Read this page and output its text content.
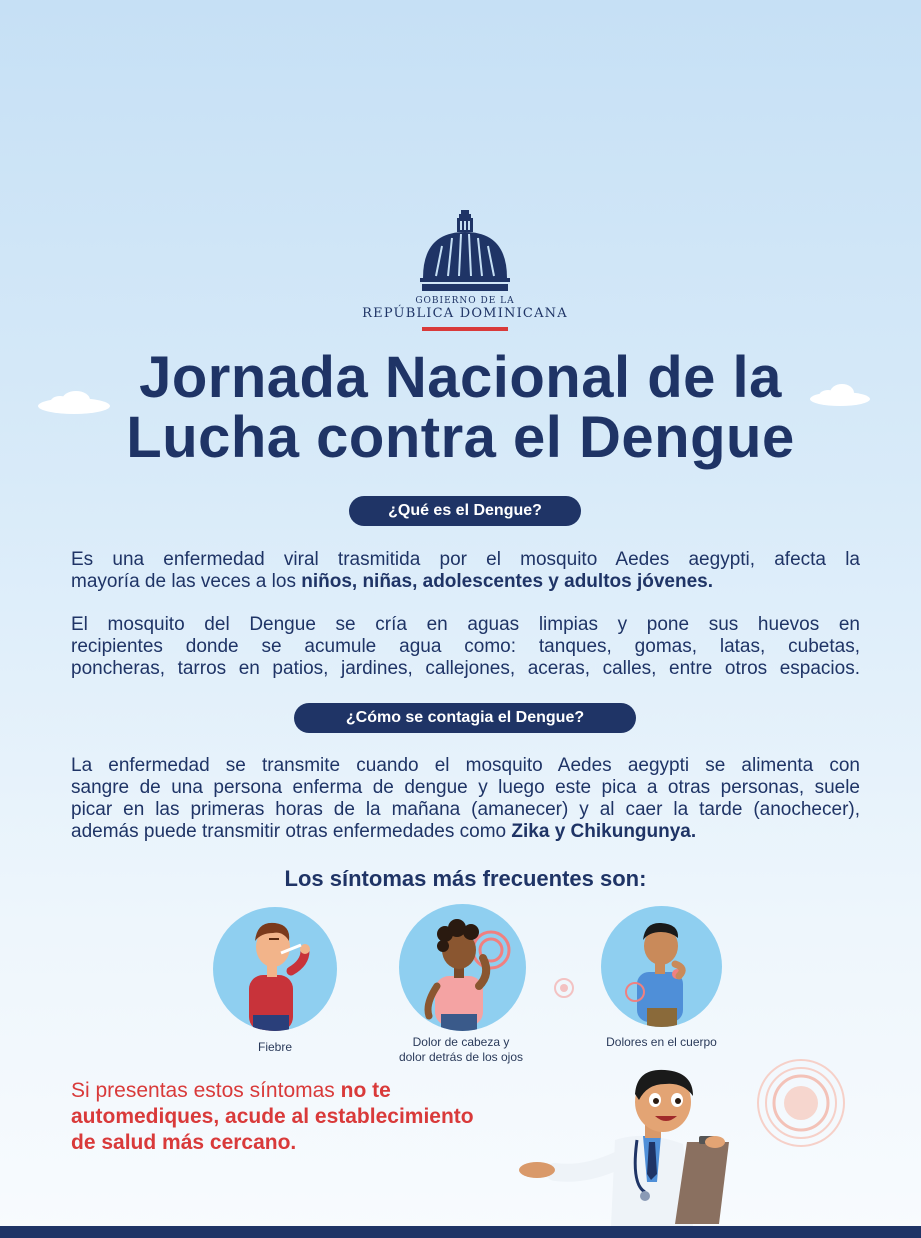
GOBIERNO DE LA
REPÚBLICA DOMINICANA
Jornada Nacional de la
Lucha contra el Dengue
¿Qué es el Dengue?
Es una enfermedad viral trasmitida por el mosquito Aedes aegypti, afecta la
mayoría de las veces a los niños, niñas, adolescentes y adultos jóvenes.
El mosquito del Dengue se cría en aguas limpias y pone sus huevos en
recipientes donde se acumule agua como: tanques, gomas, latas, cubetas,
poncheras, tarros en patios, jardines, callejones, aceras, calles, entre otros espacios.
¿Cómo se contagia el Dengue?
La enfermedad se transmite cuando el mosquito Aedes aegypti se alimenta con
sangre de una persona enferma de dengue y luego este pica a otras personas, suele
picar en las primeras horas de la mañana (amanecer) y al caer la tarde (anochecer),
además puede transmitir otras enfermedades como Zika y Chikungunya.
Los síntomas más frecuentes son:
Fiebre	Dolor de cabeza y
dolor detrás de los ojos
Dolores en el cuerpo
Si presentas estos síntomas no te
automediques, acude al establecimiento
de salud más cercano.
